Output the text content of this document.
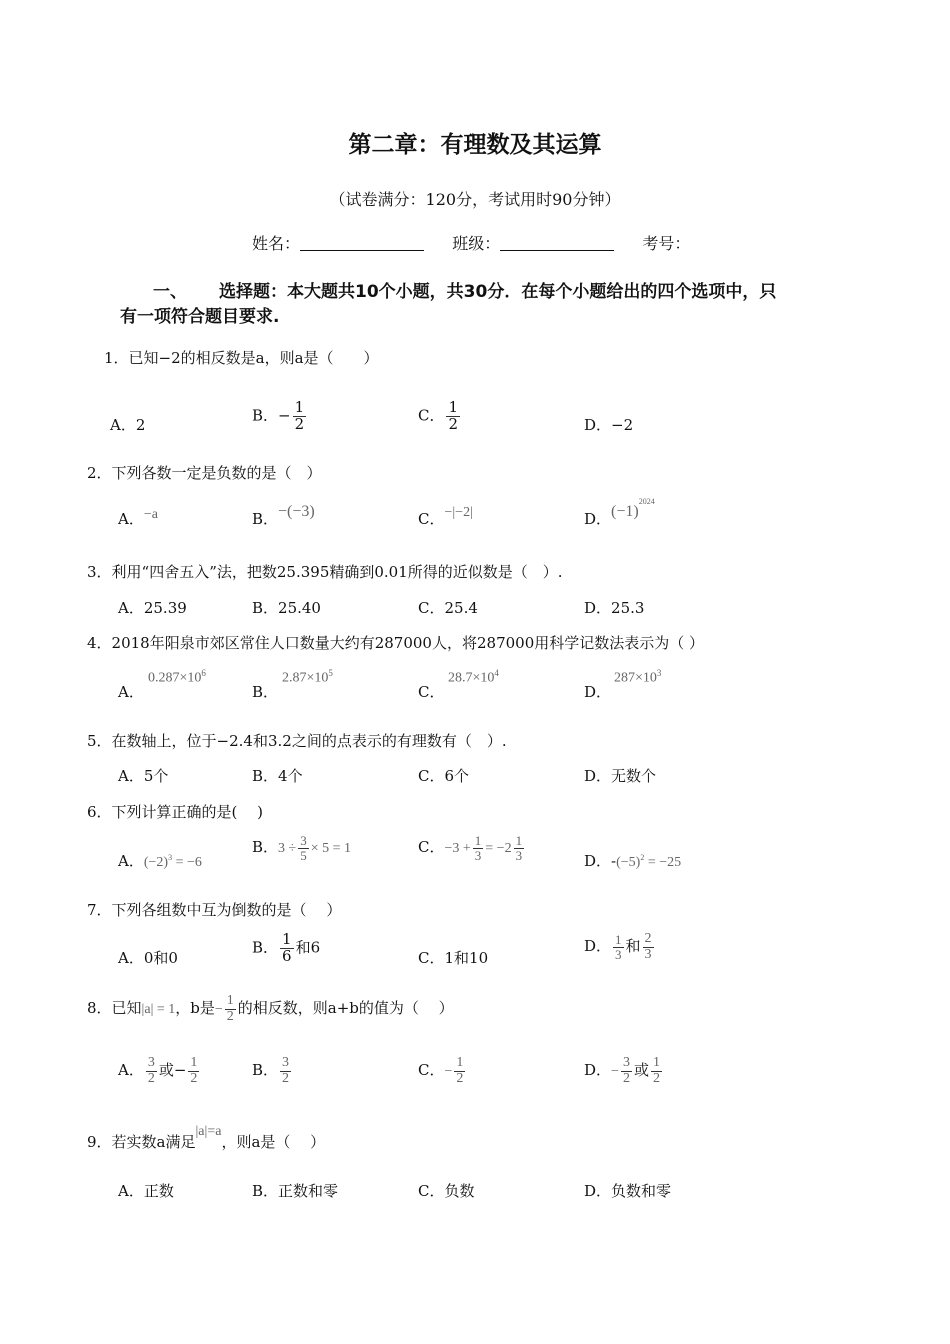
第二章：有理数及其运算
（试卷满分：120分，考试用时90分钟）
姓名：	班级：	考号：
一、 选择题：本大题共10个小题，共30分．在每个小题给出的四个选项中，只
有一项符合题目要求.
1．已知−2的相反数是a，则a是（　　）
A．2
B．− $\frac{1}{2}$	C． $\frac{1}{2}$	D．−2
2．下列各数一定是负数的是（　）
A．−a	B．−(−3)	C．−|−2|	D．$(-1)^{2024}$
3．利用“四舍五入”法，把数25.395精确到0.01所得的近似数是（　）.
A．25.39	B．25.40	C．25.4	D．25.3
4．2018年阳泉市郊区常住人口数量大约有287000人，将287000用科学记数法表示为（ ）
A．
$0.287\times 10^6$
B．
$2.87\times 10^5$
C．
$28.7\times 10^4$
D．
$287\times 10^3$
5．在数轴上，位于−2.4和3.2之间的点表示的有理数有（　）.
A．5个	B．4个	C．6个	D．无数个
6．下列计算正确的是(　 )
A．$(-2)^3 = -6$
B．$3 \div \frac{3}{5} \times 5 = 1$	C．$-3 + \frac{1}{3} = -2 \frac{1}{3}$	D．$-(-5)^2 = -25$
7．下列各组数中互为倒数的是（　 ）
A．0和0
B． $\frac{1}{6}$ 和6
C．1和10
D． $\frac{1}{3}$ 和 $\frac{2}{3}$
8．已知|a| = 1，b是− $\frac{1}{2}$ 的相反数，则a+b的值为（　 ）
A． $\frac{3}{2}$ 或− $\frac{1}{2}$	B． $\frac{3}{2}$	C．− $\frac{1}{2}$	D．− $\frac{3}{2}$ 或 $\frac{1}{2}$
9．若实数a满足|a|=a，则a是（　 ）
A．正数	B．正数和零	C．负数	D．负数和零
